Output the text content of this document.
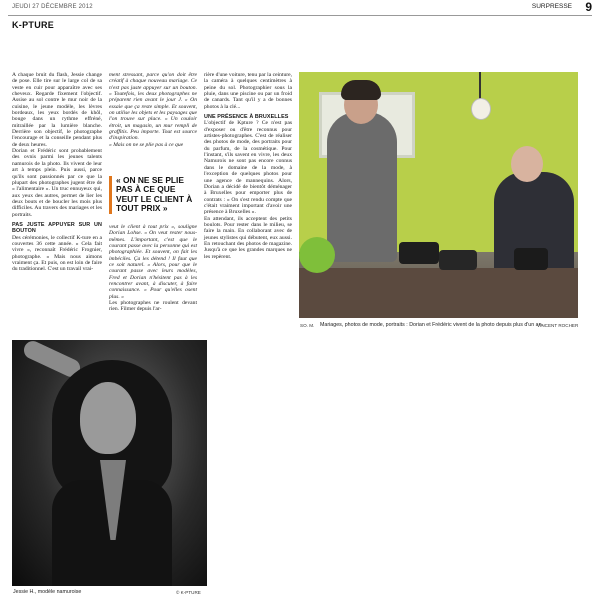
JEUDI 27 DÉCEMBRE 2012	SURPRESSE 9
K-PTURE

A chaque bruit du flash, Jessie change de pose. Elle tire sur le large col de sa veste en cuir pour apparaître avec ses cheveux. Regarde fixement l'objectif. Assise au sol contre le mur noir de la cuisine, le jeune modèle, les lèvres bordeaux, les yeux bordés de khôl, bouge dans un rythme effréné, mitraillée par la lumière blanche. Derrière son objectif, le photographe l'encourage et la conseille pendant plus de deux heures.

Dorian et Frédéric sont probablement des ovnis parmi les jeunes talents namurois de la photo. Ils vivent de leur art à temps plein. Puis aussi, parce qu'ils sont passionnés par ce que la plupart des photographes jugent être de « l'alimentaire ». Un truc ennuyeux qui, aux yeux des autres, permet de lier les deux bouts et de boucler les mois plus difficiles. Au travers des mariages et les portraits.

PAS JUSTE APPUYER SUR UN BOUTON

Des cérémonies, le collectif K-ture en a couvertes 36 cette année. « Cela fait vivre », reconnaît Frédéric Frognier, photographe. « Mais nous aimons vraiment ça. Et puis, on est loin de faire du traditionnel. C'est un travail vrai-

ment stressant, parce qu'on doit être créatif à chaque nouveau mariage. Ce n'est pas juste appuyer sur un bouton. » Toutefois, les deux photographes ne préparent rien avant le jour J. « On essaie que ça reste simple. Et souvent, on utilise les objets et les paysages que l'on trouve sur place. » Un couloir étroit, un magasin, un mur rempli de graffitis. Peu importe. Tout est source d'inspiration.

« Mais on ne se plie pas à ce que

« ON NE SE PLIE PAS À CE QUE VEUT LE CLIENT À TOUT PRIX »

veut le client à tout prix », souligne Dorian Lohse. « On veut rester nous-mêmes. L'important, c'est que le courant passe avec la personne qui est photographiée. Et souvent, on fait les imbéciles. Ça les détend ! Il faut que ce soit naturel. » Alors, pour que le courant passe avec leurs modèles, Fred et Dorian n'hésitent pas à les rencontrer avant, à discuter, à faire connaissance. « Pour qu'elles osent plus. »

Les photographes ne roulent devant rien. Filmer depuis l'ar-

rière d'une voiture, tenu par la ceinture, la caméra à quelques centimètres à peine du sol. Photographier sous la pluie, dans une piscine ou par un froid de canards. Tant qu'il y a de bonnes photos à la clé...

UNE PRÉSENCE À BRUXELLES

L'objectif de Kpture ? Ce n'est pas d'exposer ou d'être reconnus pour artistes-photographes. C'est de réaliser des photos de mode, des portraits pour du parfum, de la cosmétique. Pour l'instant, s'ils savent en vivre, les deux Namurois ne sont pas encore connus dans le domaine de la mode, à l'exception de quelques photos pour une agence de mannequins. Alors, Dorian a décidé de bientôt déménager à Bruxelles pour emporter plus de contrats : « On s'est rendu compte que c'était vraiment important d'avoir une présence à Bruxelles ».

En attendant, ils acceptent des petits boulots. Pour rester dans le milieu, se faire la main. En collaborant avec de jeunes stylistes qui débutent, eux aussi. En retouchant des photos de magazine. Jusqu'à ce que les grandes marques ne les repèrent.

SO. M. Mariages, photos de mode, portraits : Dorian et Frédéric vivent de la photo depuis plus d'un an.
VINCENT ROCHER
Jessie H., modèle namuroise	© K-PTURE
